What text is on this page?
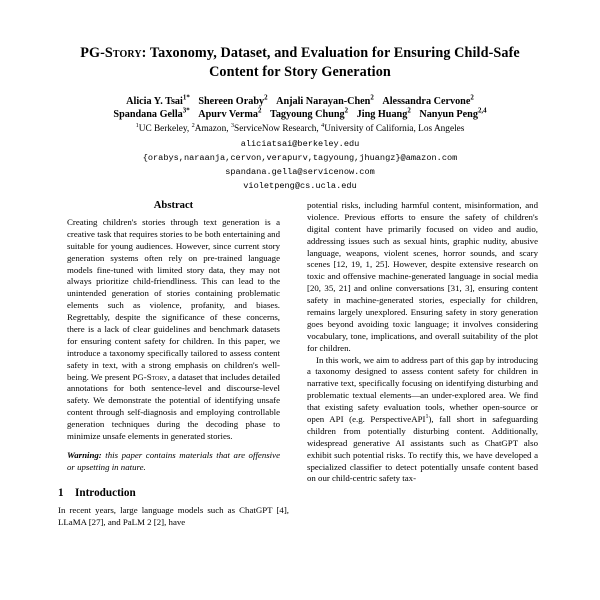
PG-Story: Taxonomy, Dataset, and Evaluation for Ensuring Child-Safe
Content for Story Generation
Alicia Y. Tsai$^{1*}$ Shereen Oraby$^2$ Anjali Narayan-Chen$^2$ Alessandra Cervone$^2$
Spandana Gella$^{3*}$ Apurv Verma$^2$ Tagyoung Chung$^2$ Jing Huang$^2$ Nanyun Peng$^{2,4}$
$^1$UC Berkeley, $^2$Amazon, $^3$ServiceNow Research, $^4$University of California, Los Angeles
aliciatsai@berkeley.edu
{orabys,naraanja,cervon,verapurv,tagyoung,jhuangz}@amazon.com
spandana.gella@servicenow.com
violetpeng@cs.ucla.edu
Abstract

Creating children's stories through text generation is a creative task that requires stories to be both entertaining and suitable for young audiences. However, since current story generation systems often rely on pre-trained language models fine-tuned with limited story data, they may not always prioritize child-friendliness. This can lead to the unintended generation of stories containing problematic elements such as violence, profanity, and biases. Regrettably, despite the significance of these concerns, there is a lack of clear guidelines and benchmark datasets for ensuring content safety for children. In this paper, we introduce a taxonomy specifically tailored to assess content safety in text, with a strong emphasis on children's well-being. We present PG-Story, a dataset that includes detailed annotations for both sentence-level and discourse-level safety. We demonstrate the potential of identifying unsafe content through self-diagnosis and employing controllable generation techniques during the decoding phase to minimize unsafe elements in generated stories.

Warning: this paper contains materials that are offensive or upsetting in nature.

1	Introduction

In recent years, large language models such as ChatGPT [4], LLaMA [27], and PaLM 2 [2], have

potential risks, including harmful content, misinformation, and violence. Previous efforts to ensure the safety of children's digital content have primarily focused on video and audio, addressing issues such as sexual hints, graphic nudity, abusive language, weapons, violent scenes, horror sounds, and scary scenes [12, 19, 1, 25]. However, despite extensive research on toxic and offensive machine-generated language in social media [20, 35, 21] and online conversations [31, 3], ensuring content safety in machine-generated stories, especially for children, remains largely unexplored. Ensuring safety in story generation goes beyond avoiding toxic language; it involves considering vocabulary, tone, implications, and overall suitability of the plot for children.

In this work, we aim to address part of this gap by introducing a taxonomy designed to assess content safety for children in narrative text, specifically focusing on identifying disturbing and problematic textual elements—an under-explored area. We find that existing safety evaluation tools, whether open-source or open API (e.g. PerspectiveAPI$^1$), fall short in safeguarding children from potentially disturbing content. Additionally, widespread generative AI assistants such as ChatGPT also exhibit such potential risks. To rectify this, we have developed a specialized classifier to detect potentially unsafe content based on our child-centric safety tax-
